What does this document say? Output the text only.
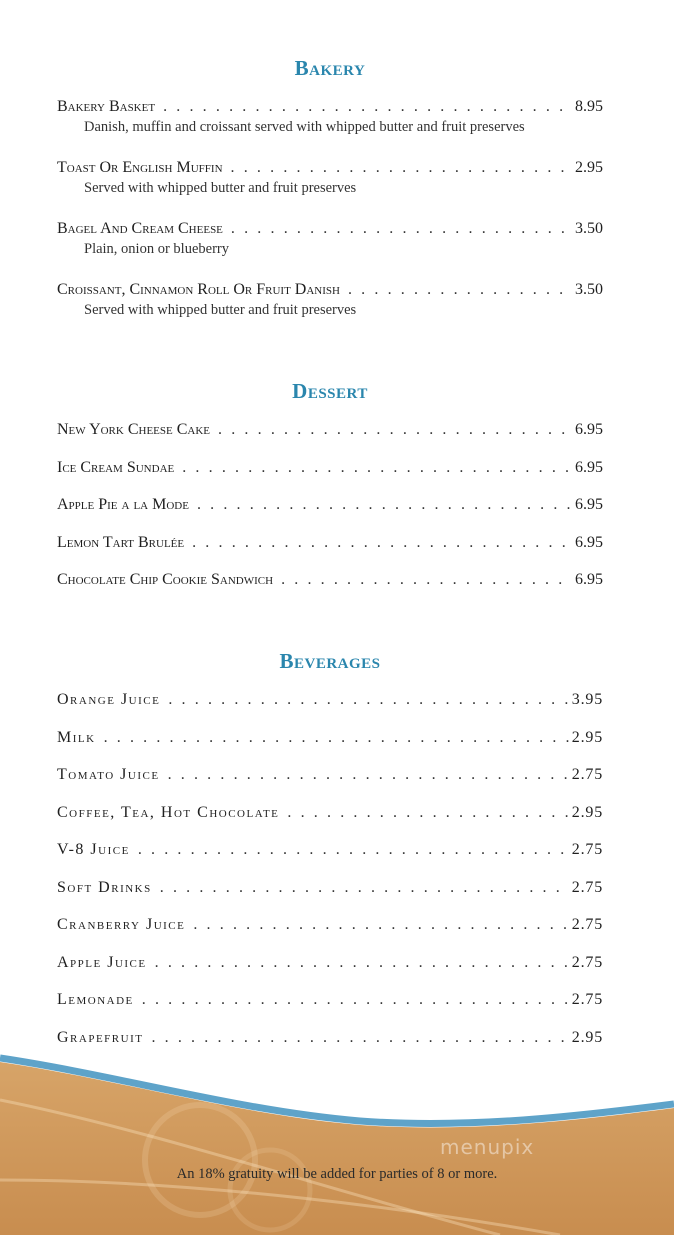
Bakery
Bakery Basket . . .	8.95
Danish, muffin and croissant served with whipped butter and fruit preserves
Toast Or English Muffin . . .	2.95
Served with whipped butter and fruit preserves
Bagel And Cream Cheese . . .	3.50
Plain, onion or blueberry
Croissant, Cinnamon Roll Or Fruit Danish . . .	3.50
Served with whipped butter and fruit preserves
Dessert
New York Cheese Cake . . .	6.95
Ice Cream Sundae . . .	6.95
Apple Pie a la Mode . . .	6.95
Lemon Tart Brulée . . .	6.95
Chocolate Chip Cookie Sandwich . . .	6.95
Beverages
Orange Juice . . .	3.95
Milk . . .	2.95
Tomato Juice . . .	2.75
Coffee, Tea, Hot Chocolate . . .	2.95
V-8 Juice . . .	2.75
Soft Drinks . . .	2.75
Cranberry Juice . . .	2.75
Apple Juice . . .	2.75
Lemonade . . .	2.75
Grapefruit . . .	2.95
menupix
An 18% gratuity will be added for parties of 8 or more.
